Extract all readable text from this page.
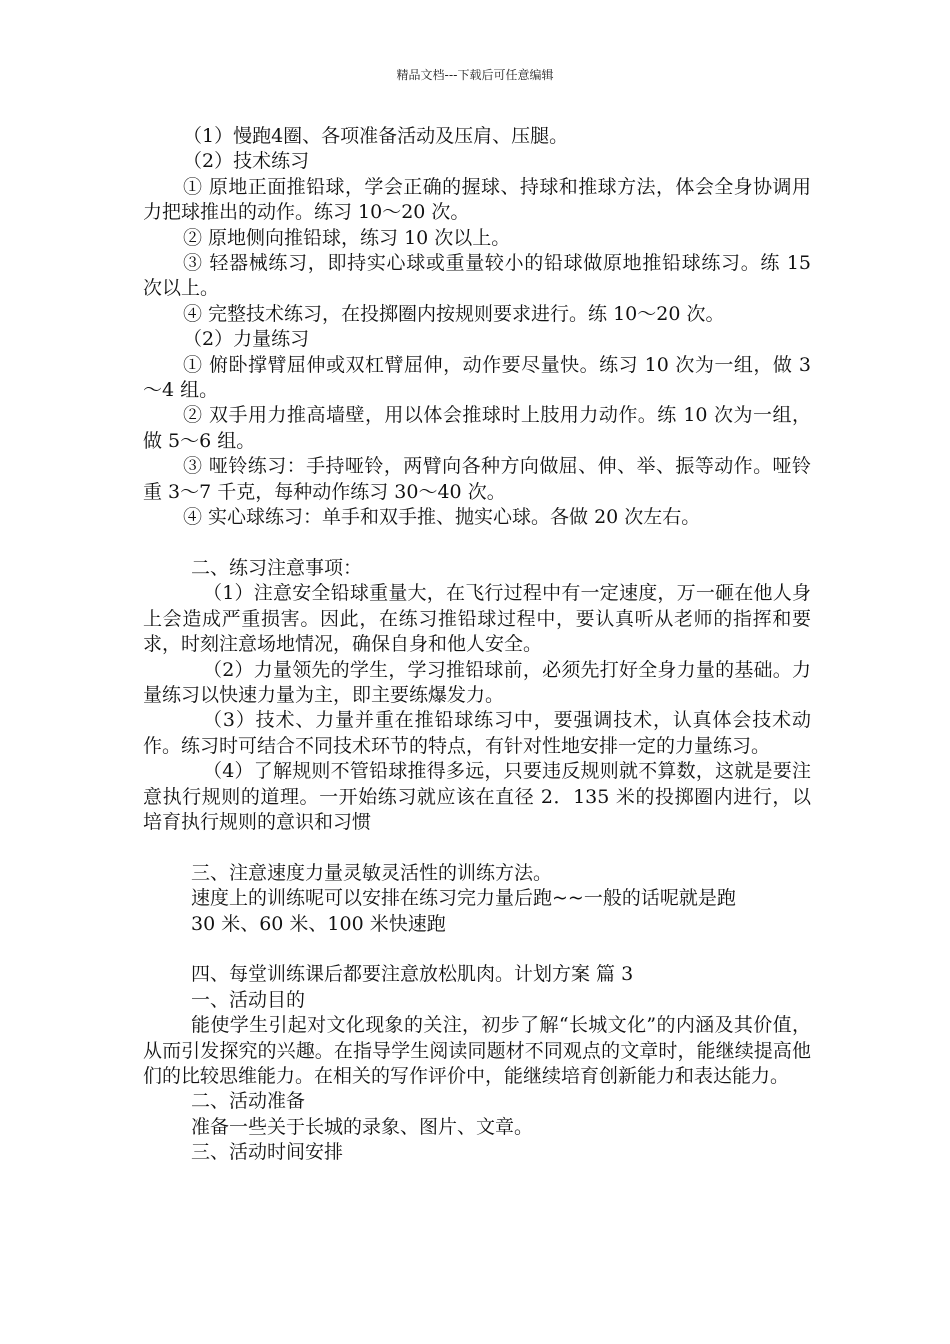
精品文档---下载后可任意编辑

（1）慢跑4圈、各项准备活动及压肩、压腿。

（2）技术练习

① 原地正面推铅球，学会正确的握球、持球和推球方法，体会全身协调用力把球推出的动作。练习 10～20 次。

② 原地侧向推铅球，练习 10 次以上。

③ 轻器械练习，即持实心球或重量较小的铅球做原地推铅球练习。练 15 次以上。

④ 完整技术练习，在投掷圈内按规则要求进行。练 10～20 次。

（2）力量练习

① 俯卧撑臂屈伸或双杠臂屈伸，动作要尽量快。练习 10 次为一组，做 3～4 组。

② 双手用力推高墙壁，用以体会推球时上肢用力动作。练 10 次为一组，做 5～6 组。

③ 哑铃练习：手持哑铃，两臂向各种方向做屈、伸、举、振等动作。哑铃重 3～7 千克，每种动作练习 30～40 次。

④ 实心球练习：单手和双手推、抛实心球。各做 20 次左右。

二、练习注意事项：

（1）注意安全铅球重量大，在飞行过程中有一定速度，万一砸在他人身上会造成严重损害。因此，在练习推铅球过程中，要认真听从老师的指挥和要求，时刻注意场地情况，确保自身和他人安全。

（2）力量领先的学生，学习推铅球前，必须先打好全身力量的基础。力量练习以快速力量为主，即主要练爆发力。

（3）技术、力量并重在推铅球练习中，要强调技术，认真体会技术动作。练习时可结合不同技术环节的特点，有针对性地安排一定的力量练习。

（4）了解规则不管铅球推得多远，只要违反规则就不算数，这就是要注意执行规则的道理。一开始练习就应该在直径 2．135 米的投掷圈内进行，以培育执行规则的意识和习惯

三、注意速度力量灵敏灵活性的训练方法。

速度上的训练呢可以安排在练习完力量后跑~~一般的话呢就是跑

30 米、60 米、100 米快速跑

四、每堂训练课后都要注意放松肌肉。计划方案 篇 3

一、活动目的

能使学生引起对文化现象的关注，初步了解“长城文化”的内涵及其价值，从而引发探究的兴趣。在指导学生阅读同题材不同观点的文章时，能继续提高他们的比较思维能力。在相关的写作评价中，能继续培育创新能力和表达能力。

二、活动准备

准备一些关于长城的录象、图片、文章。

三、活动时间安排
